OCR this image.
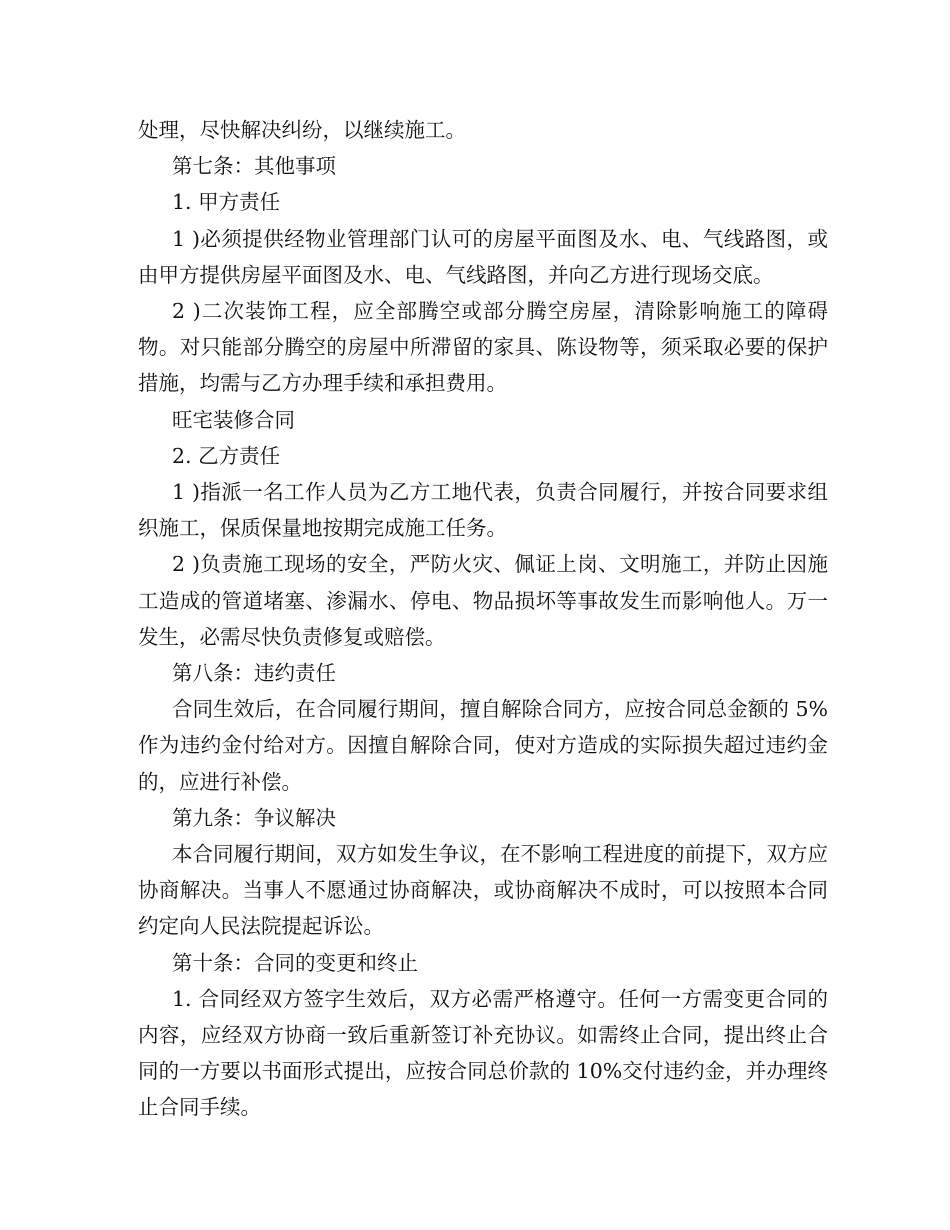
处理，尽快解决纠纷，以继续施工。

第七条：其他事项

1. 甲方责任

1 )必须提供经物业管理部门认可的房屋平面图及水、电、气线路图，或由甲方提供房屋平面图及水、电、气线路图，并向乙方进行现场交底。

2 )二次装饰工程，应全部腾空或部分腾空房屋，清除影响施工的障碍物。对只能部分腾空的房屋中所滞留的家具、陈设物等，须采取必要的保护措施，均需与乙方办理手续和承担费用。

旺宅装修合同

2. 乙方责任

1 )指派一名工作人员为乙方工地代表，负责合同履行，并按合同要求组织施工，保质保量地按期完成施工任务。

2 )负责施工现场的安全，严防火灾、佩证上岗、文明施工，并防止因施工造成的管道堵塞、渗漏水、停电、物品损坏等事故发生而影响他人。万一发生，必需尽快负责修复或赔偿。

第八条：违约责任

合同生效后，在合同履行期间，擅自解除合同方，应按合同总金额的 5%作为违约金付给对方。因擅自解除合同，使对方造成的实际损失超过违约金的，应进行补偿。

第九条：争议解决

本合同履行期间，双方如发生争议，在不影响工程进度的前提下，双方应协商解决。当事人不愿通过协商解决，或协商解决不成时，可以按照本合同约定向人民法院提起诉讼。

第十条：合同的变更和终止

1. 合同经双方签字生效后，双方必需严格遵守。任何一方需变更合同的内容，应经双方协商一致后重新签订补充协议。如需终止合同，提出终止合同的一方要以书面形式提出，应按合同总价款的 10%交付违约金，并办理终止合同手续。
